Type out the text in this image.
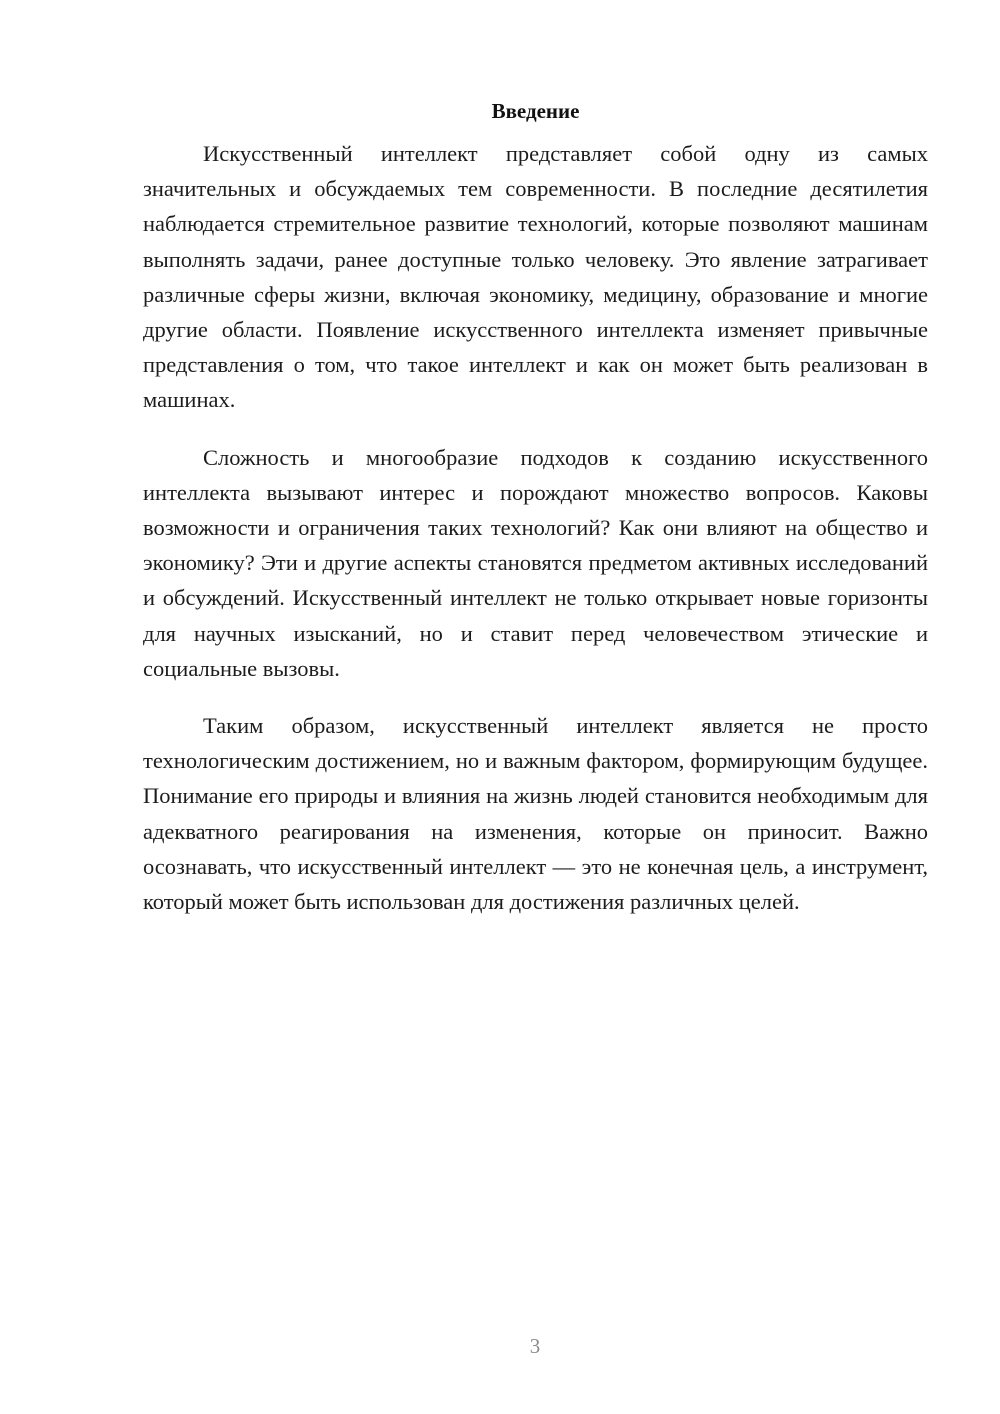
Введение

Искусственный интеллект представляет собой одну из самых значительных и обсуждаемых тем современности. В последние десятилетия наблюдается стремительное развитие технологий, которые позволяют машинам выполнять задачи, ранее доступные только человеку. Это явление затрагивает различные сферы жизни, включая экономику, медицину, образование и многие другие области. Появление искусственного интеллекта изменяет привычные представления о том, что такое интеллект и как он может быть реализован в машинах.

Сложность и многообразие подходов к созданию искусственного интеллекта вызывают интерес и порождают множество вопросов. Каковы возможности и ограничения таких технологий? Как они влияют на общество и экономику? Эти и другие аспекты становятся предметом активных исследований и обсуждений. Искусственный интеллект не только открывает новые горизонты для научных изысканий, но и ставит перед человечеством этические и социальные вызовы.

Таким образом, искусственный интеллект является не просто технологическим достижением, но и важным фактором, формирующим будущее. Понимание его природы и влияния на жизнь людей становится необходимым для адекватного реагирования на изменения, которые он приносит. Важно осознавать, что искусственный интеллект — это не конечная цель, а инструмент, который может быть использован для достижения различных целей.

3
